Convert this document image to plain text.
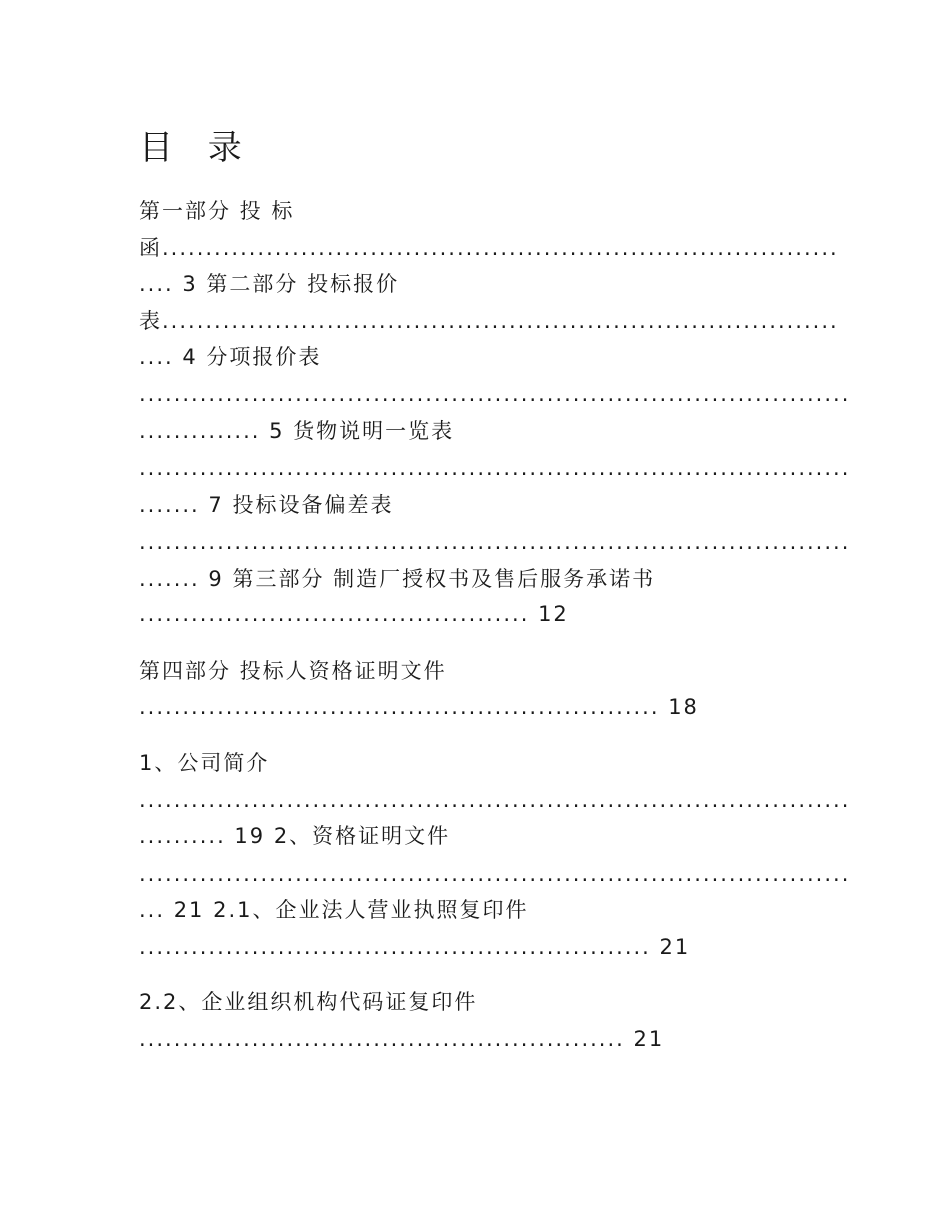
目 录

第一部分 投 标

函..............................................................................

.... 3 第二部分 投标报价

表..............................................................................

.... 4 分项报价表

..................................................................................

.............. 5 货物说明一览表

..................................................................................

....... 7 投标设备偏差表

..................................................................................

....... 9 第三部分 制造厂授权书及售后服务承诺书

............................................. 12

第四部分 投标人资格证明文件

............................................................ 18

1、公司简介

..................................................................................

.......... 19 2、资格证明文件

..................................................................................

... 21 2.1、企业法人营业执照复印件

........................................................... 21

2.2、企业组织机构代码证复印件

........................................................ 21
